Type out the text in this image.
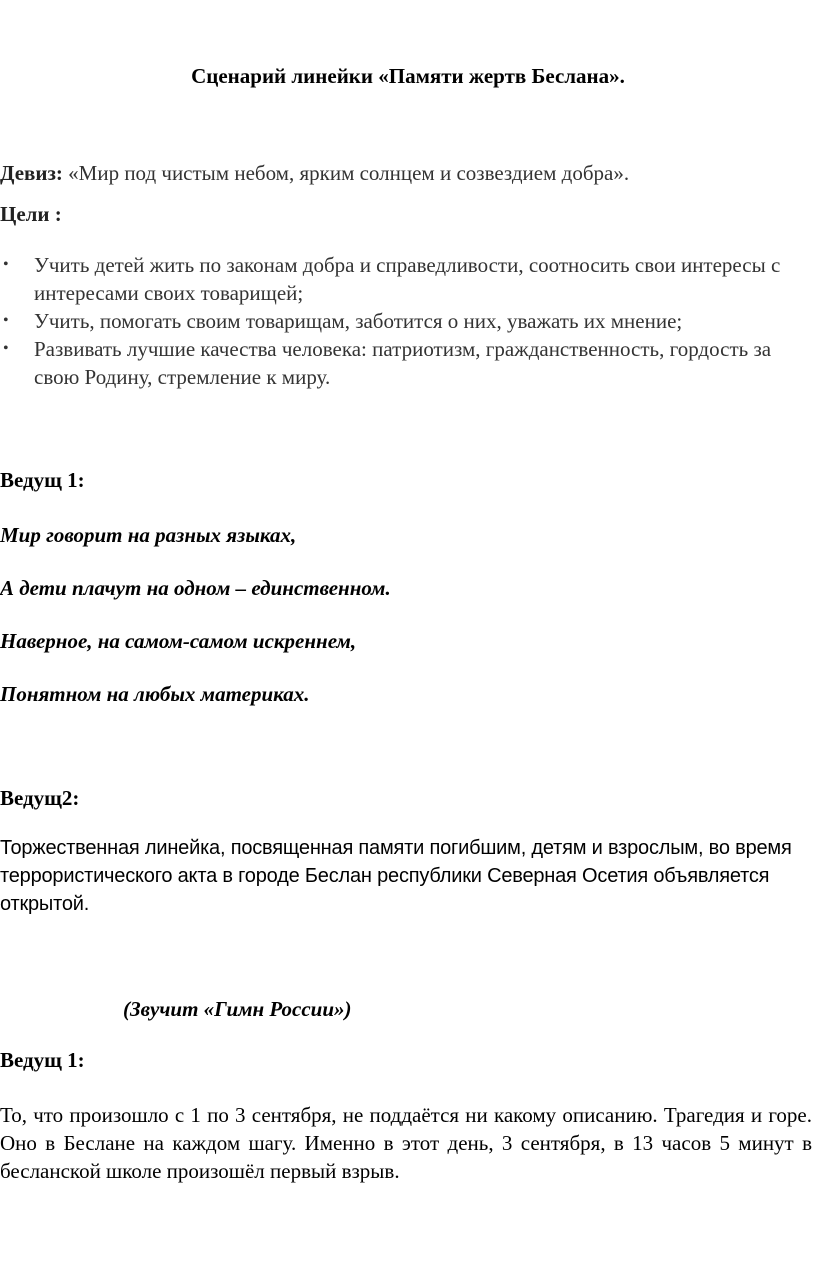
Сценарий линейки «Памяти жертв Беслана».
Девиз: «Мир под чистым небом, ярким солнцем и созвездием добра».
Цели :
• Учить детей жить по законам добра и справедливости, соотносить свои интересы с интересами своих товарищей;
• Учить, помогать своим товарищам, заботится о них, уважать их мнение;
• Развивать лучшие качества человека: патриотизм, гражданственность, гордость за свою Родину, стремление к миру.
Ведущ 1:
Мир говорит на разных языках,
А дети плачут на одном – единственном.
Наверное, на самом-самом искреннем,
Понятном на любых материках.
Ведущ2:
Торжественная линейка, посвященная памяти погибшим, детям и взрослым, во время террористического акта в городе Беслан республики Северная Осетия объявляется открытой.
(Звучит «Гимн России»)
Ведущ 1:
То, что произошло с 1 по 3 сентября, не поддаётся ни какому описанию. Трагедия и горе. Оно в Беслане на каждом шагу. Именно в этот день, 3 сентября, в 13 часов 5 минут в бесланской школе произошёл первый взрыв.
